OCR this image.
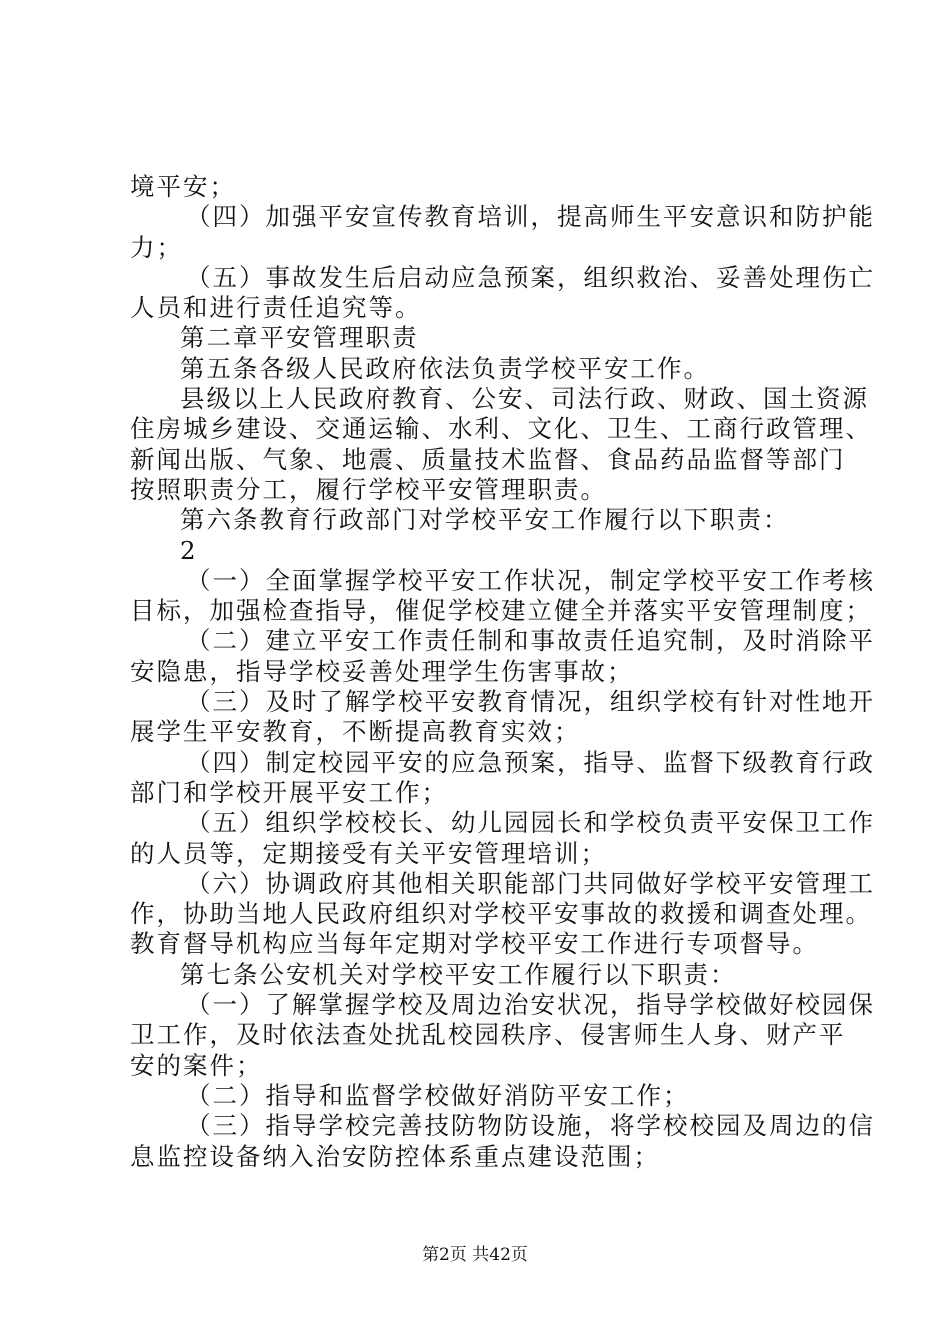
境平安；
（四）加强平安宣传教育培训，提高师生平安意识和防护能
力；
（五）事故发生后启动应急预案，组织救治、妥善处理伤亡
人员和进行责任追究等。
第二章平安管理职责
第五条各级人民政府依法负责学校平安工作。
县级以上人民政府教育、公安、司法行政、财政、国土资源
住房城乡建设、交通运输、水利、文化、卫生、工商行政管理、
新闻出版、气象、地震、质量技术监督、食品药品监督等部门
按照职责分工，履行学校平安管理职责。
第六条教育行政部门对学校平安工作履行以下职责：
2
（一）全面掌握学校平安工作状况，制定学校平安工作考核
目标，加强检查指导，催促学校建立健全并落实平安管理制度；
（二）建立平安工作责任制和事故责任追究制，及时消除平
安隐患，指导学校妥善处理学生伤害事故；
（三）及时了解学校平安教育情况，组织学校有针对性地开
展学生平安教育，不断提高教育实效；
（四）制定校园平安的应急预案，指导、监督下级教育行政
部门和学校开展平安工作；
（五）组织学校校长、幼儿园园长和学校负责平安保卫工作
的人员等，定期接受有关平安管理培训；
（六）协调政府其他相关职能部门共同做好学校平安管理工
作，协助当地人民政府组织对学校平安事故的救援和调查处理。
教育督导机构应当每年定期对学校平安工作进行专项督导。
第七条公安机关对学校平安工作履行以下职责：
（一）了解掌握学校及周边治安状况，指导学校做好校园保
卫工作，及时依法查处扰乱校园秩序、侵害师生人身、财产平
安的案件；
（二）指导和监督学校做好消防平安工作；
（三）指导学校完善技防物防设施，将学校校园及周边的信
息监控设备纳入治安防控体系重点建设范围；
第2页 共42页
